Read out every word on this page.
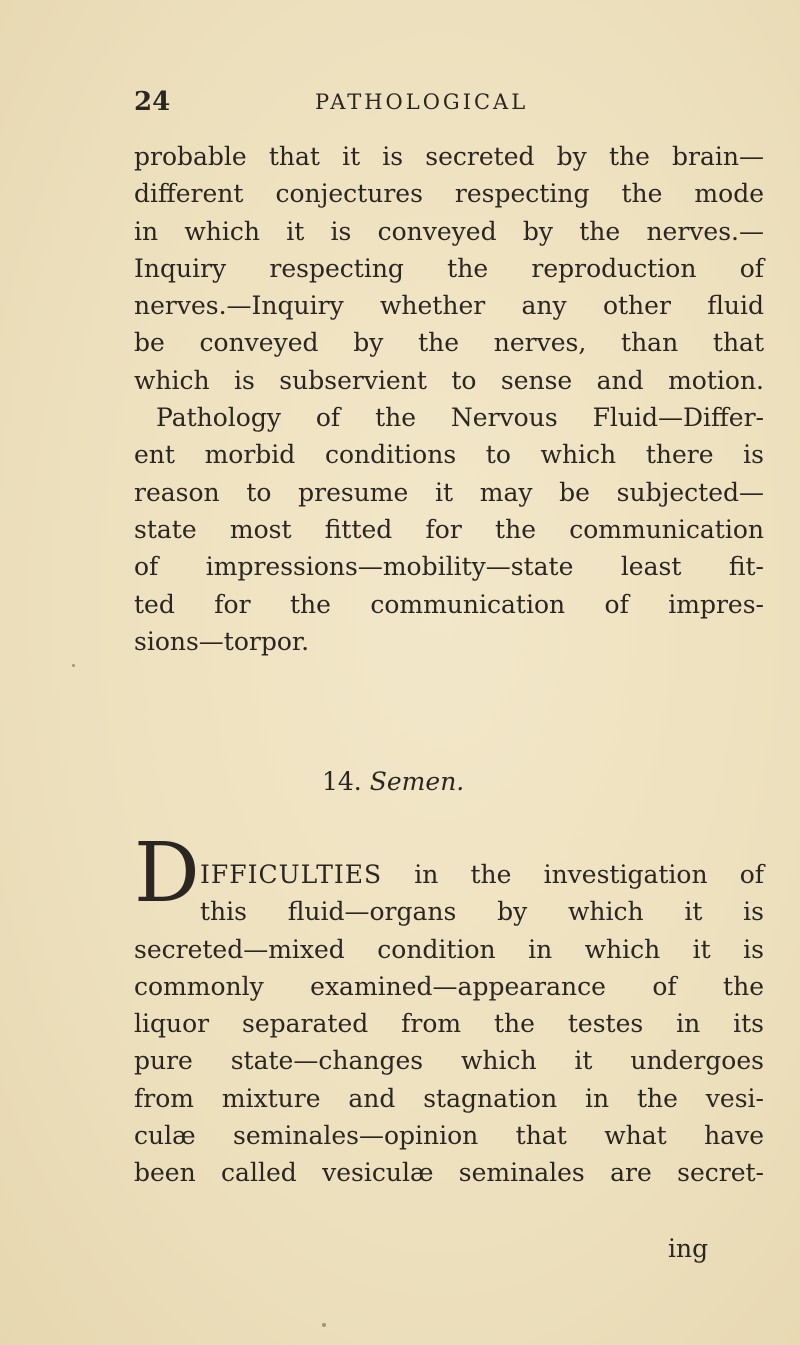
24	PATHOLOGICAL
probable that it is secreted by the brain—
different conjectures respecting the mode
in which it is conveyed by the nerves.—
Inquiry respecting the reproduction of
nerves.—Inquiry whether any other fluid
be conveyed by the nerves, than that
which is subservient to sense and motion.
Pathology of the Nervous Fluid—Differ-
ent morbid conditions to which there is
reason to presume it may be subjected—
state most fitted for the communication
of impressions—mobility—state least fit-
ted for the communication of impres-
sions—torpor.
14. Semen.
D IFFICULTIES in the investigation of
this fluid—organs by which it is
secreted—mixed condition in which it is
commonly examined—appearance of the
liquor separated from the testes in its
pure state—changes which it undergoes
from mixture and stagnation in the vesi-
culæ seminales—opinion that what have
been called vesiculæ seminales are secret-
ing
